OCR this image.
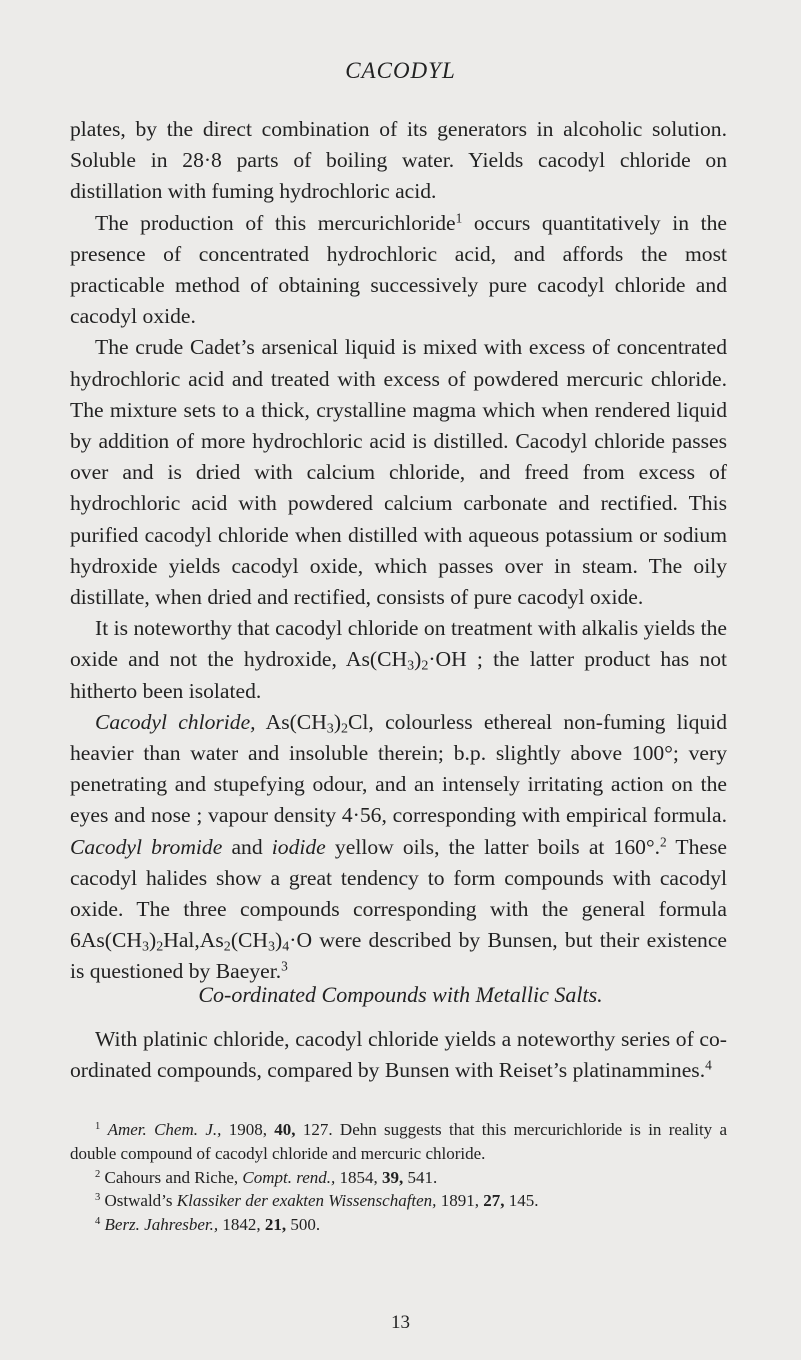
CACODYL

plates, by the direct combination of its generators in alcoholic solution. Soluble in 28·8 parts of boiling water. Yields cacodyl chloride on distillation with fuming hydrochloric acid.

The production of this mercurichloride$^1$ occurs quantitatively in the presence of concentrated hydrochloric acid, and affords the most practicable method of obtaining successively pure cacodyl chloride and cacodyl oxide.

The crude Cadet’s arsenical liquid is mixed with excess of concentrated hydrochloric acid and treated with excess of powdered mercuric chloride. The mixture sets to a thick, crystalline magma which when rendered liquid by addition of more hydrochloric acid is distilled. Cacodyl chloride passes over and is dried with calcium chloride, and freed from excess of hydrochloric acid with powdered calcium carbonate and rectified. This purified cacodyl chloride when distilled with aqueous potassium or sodium hydroxide yields cacodyl oxide, which passes over in steam. The oily distillate, when dried and rectified, consists of pure cacodyl oxide.

It is noteworthy that cacodyl chloride on treatment with alkalis yields the oxide and not the hydroxide, $As(CH_3)_2\cdot OH$ ; the latter product has not hitherto been isolated.

Cacodyl chloride, $As(CH_3)_2Cl$, colourless ethereal non-fuming liquid heavier than water and insoluble therein; b.p. slightly above 100°; very penetrating and stupefying odour, and an intensely irritating action on the eyes and nose ; vapour density 4·56, corresponding with empirical formula. Cacodyl bromide and iodide yellow oils, the latter boils at 160°.$^2$ These cacodyl halides show a great tendency to form compounds with cacodyl oxide. The three compounds corresponding with the general formula $6As(CH_3)_2Hal,As_2(CH_3)_4\cdot O$ were described by Bunsen, but their existence is questioned by Baeyer.$^3$

Co-ordinated Compounds with Metallic Salts.

With platinic chloride, cacodyl chloride yields a noteworthy series of co-ordinated compounds, compared by Bunsen with Reiset’s platinammines.$^4$

$^1$ Amer. Chem. J., 1908, 40, 127. Dehn suggests that this mercurichloride is in reality a double compound of cacodyl chloride and mercuric chloride.

$^2$ Cahours and Riche, Compt. rend., 1854, 39, 541.

$^3$ Ostwald’s Klassiker der exakten Wissenschaften, 1891, 27, 145.

$^4$ Berz. Jahresber., 1842, 21, 500.

13
